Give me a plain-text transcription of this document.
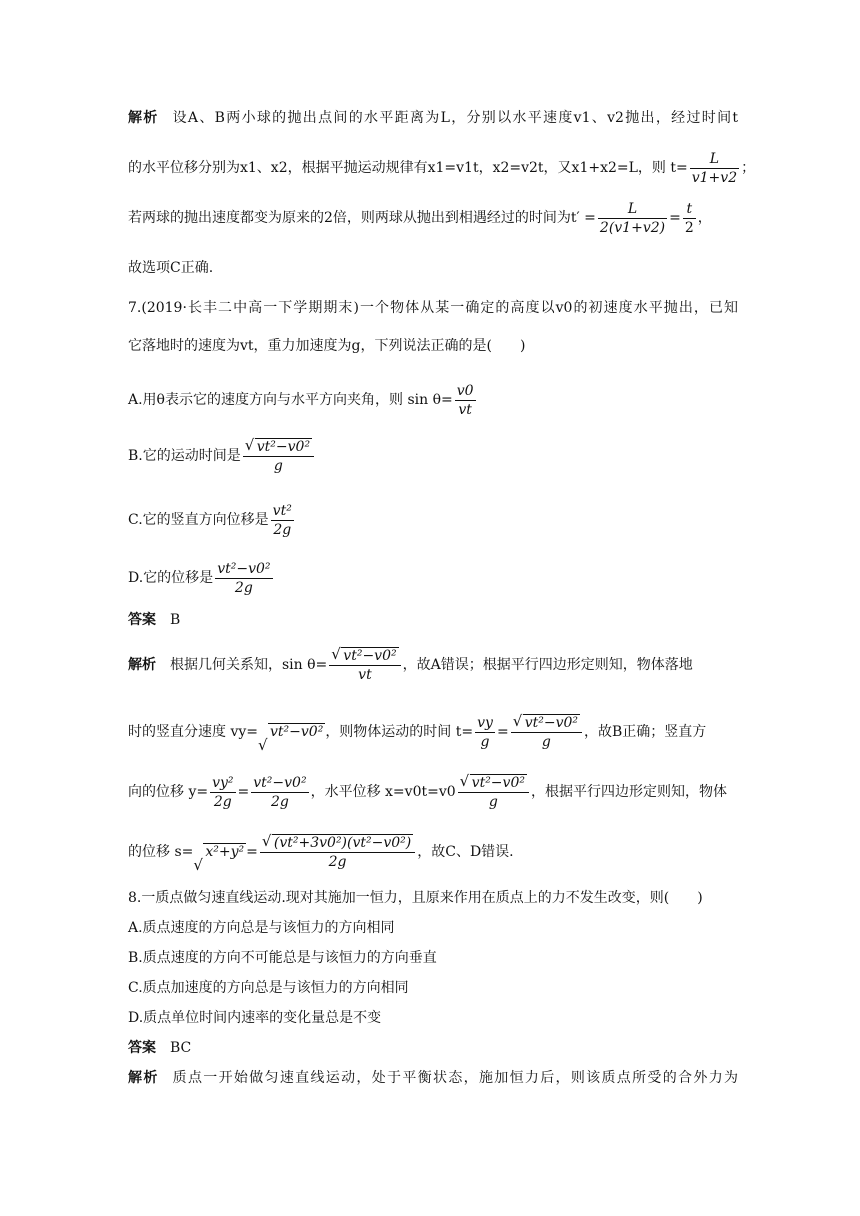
解析 设A、B两小球的抛出点间的水平距离为L，分别以水平速度v1、v2抛出，经过时间t
的水平位移分别为x1、x2，根据平抛运动规律有x1=v1t，x2=v2t，又x1+x2=L，则 $t= \frac{L}{v1+v2}$ ；
若两球的抛出速度都变为原来的2倍，则两球从抛出到相遇经过的时间为$t' = \frac{L}{2(v1+v2)} = \frac{t}{2}$ ，
故选项C正确.
7.(2019·长丰二中高一下学期期末)一个物体从某一确定的高度以v0的初速度水平抛出，已知
它落地时的速度为vt，重力加速度为g，下列说法正确的是(　　)
A.用θ表示它的速度方向与水平方向夹角，则 $\sin \theta= \frac{v0}{vt}$
B.它的运动时间是 √ $\frac{\text{vt²−v0²}}{g}$
C.它的竖直方向位移是 $\frac{\text{vt²}}{2g}$
D.它的位移是 $\frac{\text{vt²−v0²}}{2g}$
答案 B
解析 根据几何关系知，sin θ= √ $\frac{\text{vt²−v0²}}{vt}$ ，故A错误；根据平行四边形定则知，物体落地
时的竖直分速度 vy= √ vt²−v0² ，则物体运动的时间 $t= \frac{vy}{g}$ = √ $\frac{\text{vt²−v0²}}{g}$ ，故B正确；竖直方
向的位移 $y= \frac{\text{vy²}}{2g} = \frac{\text{vt²−v0²}}{2g}$ ，水平位移 x=v0t=v0 √ $\frac{\text{vt²−v0²}}{g}$ ，根据平行四边形定则知，物体
的位移 s= √ x²+y² = √ $\frac{\text{(vt²+3v0²)(vt²−v0²)}}{2g}$ ，故C、D错误.
8.一质点做匀速直线运动.现对其施加一恒力，且原来作用在质点上的力不发生改变，则(　　)
A.质点速度的方向总是与该恒力的方向相同
B.质点速度的方向不可能总是与该恒力的方向垂直
C.质点加速度的方向总是与该恒力的方向相同
D.质点单位时间内速率的变化量总是不变
答案 BC
解析 质点一开始做匀速直线运动，处于平衡状态，施加恒力后，则该质点所受的合外力为
